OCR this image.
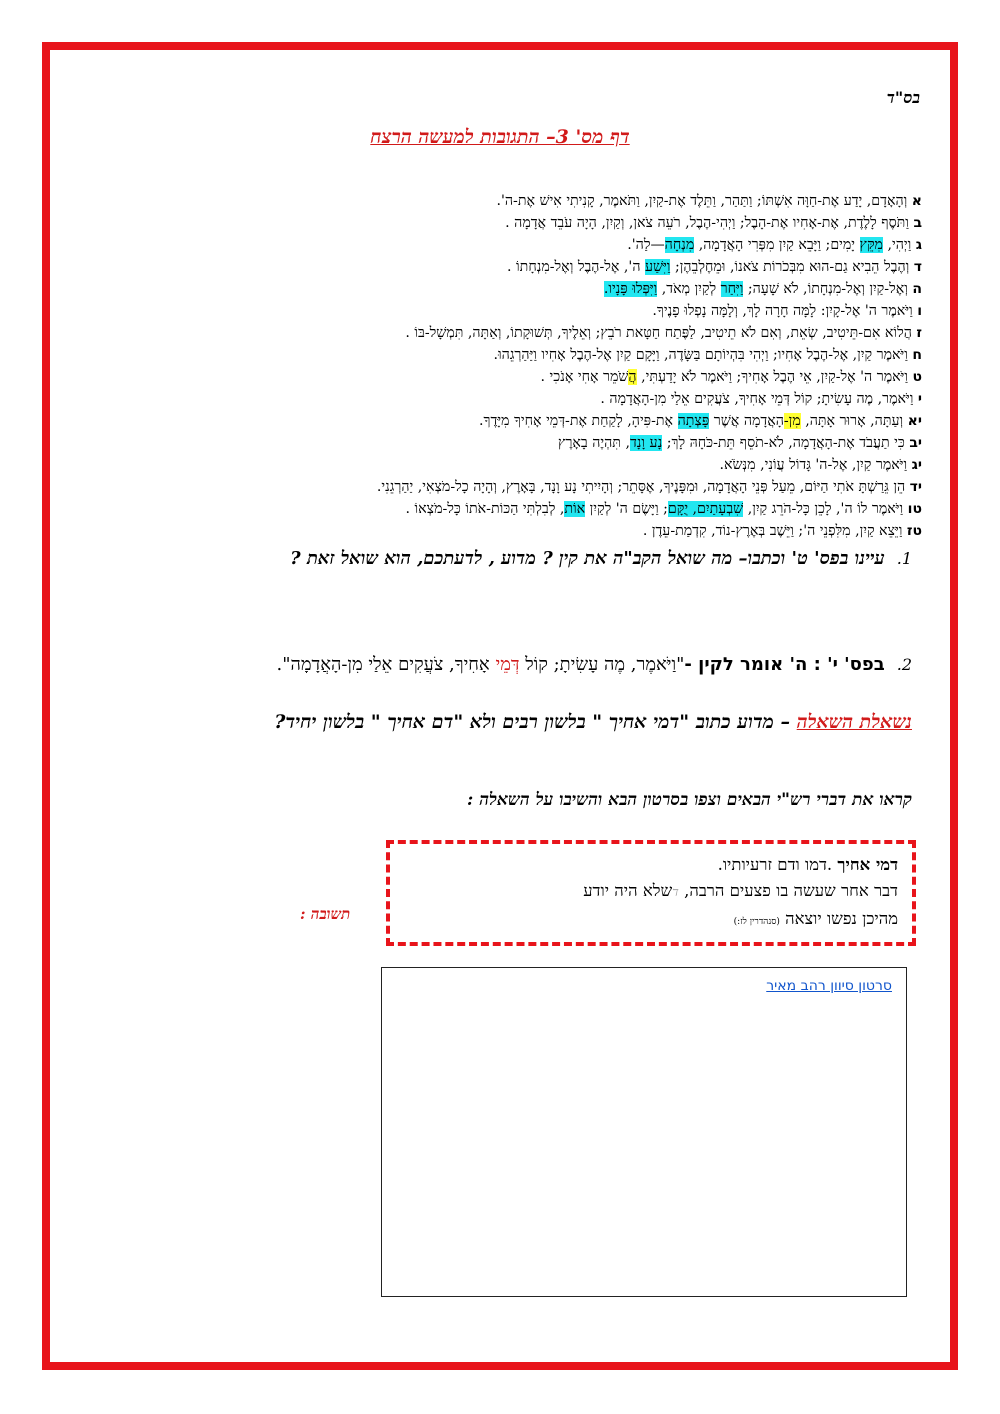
בס"ד
דף מס' 3– התגובות למעשה הרצח
א וְהָאָדָם, יָדַע אֶת-חַוָּה אִשְׁתּוֹ; וַתַּהַר, וַתֵּלֶד אֶת-קַיִן, וַתֹּאמֶר, קָנִיתִי אִישׁ אֶת-ה'.
ב וַתֹּסֶף לָלֶדֶת, אֶת-אָחִיו אֶת-הָבֶל; וַיְהִי-הֶבֶל, רֹעֵה צֹאן, וְקַיִן, הָיָה עֹבֵד אֲדָמָה .
ג וַיְהִי, מִקֵּץ יָמִים; וַיָּבֵא קַיִן מִפְּרִי הָאֲדָמָה, מִנְחָה—לַה'.
ד וְהֶבֶל הֵבִיא גַם-הוּא מִבְּכֹרוֹת צֹאנוֹ, וּמֵחֶלְבֵהֶן; וַיִּשַׁע ה', אֶל-הֶבֶל וְאֶל-מִנְחָתוֹ .
ה וְאֶל-קַיִן וְאֶל-מִנְחָתוֹ, לֹא שָׁעָה; וַיִּחַר לְקַיִן מְאֹד, וַיִּפְּלוּ פָּנָיו.
ו וַיֹּאמֶר ה' אֶל-קָיִן: לָמָּה חָרָה לָךְ, וְלָמָּה נָפְלוּ פָנֶיךָ.
ז הֲלוֹא אִם-תֵּיטִיב, שְׂאֵת, וְאִם לֹא תֵיטִיב, לַפֶּתַח חַטָּאת רֹבֵץ; וְאֵלֶיךָ, תְּשׁוּקָתוֹ, וְאַתָּה, תִּמְשָׁל-בּוֹ .
ח וַיֹּאמֶר קַיִן, אֶל-הֶבֶל אָחִיו; וַיְהִי בִּהְיוֹתָם בַּשָּׂדֶה, וַיָּקָם קַיִן אֶל-הֶבֶל אָחִיו וַיַּהַרְגֵהוּ.
ט וַיֹּאמֶר ה' אֶל-קַיִן, אֵי הֶבֶל אָחִיךָ; וַיֹּאמֶר לֹא יָדַעְתִּי, הֲשֹׁמֵר אָחִי אָנֹכִי .
י וַיֹּאמֶר, מֶה עָשִׂיתָ; קוֹל דְּמֵי אָחִיךָ, צֹעֲקִים אֵלַי מִן-הָאֲדָמָה .
יא וְעַתָּה, אָרוּר אָתָּה, מִן-הָאֲדָמָה אֲשֶׁר פָּצְתָה אֶת-פִּיהָ, לָקַחַת אֶת-דְּמֵי אָחִיךָ מִיָּדֶךָ.
יב כִּי תַעֲבֹד אֶת-הָאֲדָמָה, לֹא-תֹסֵף תֵּת-כֹּחָהּ לָךְ; נָע וָנָד, תִּהְיֶה בָאָרֶץ
יג וַיֹּאמֶר קַיִן, אֶל-ה' גָּדוֹל עֲוֹנִי, מִנְּשֹׂא.
יד הֵן גֵּרַשְׁתָּ אֹתִי הַיּוֹם, מֵעַל פְּנֵי הָאֲדָמָה, וּמִפָּנֶיךָ, אֶסָּתֵר; וְהָיִיתִי נָע וָנָד, בָּאָרֶץ, וְהָיָה כָל-מֹצְאִי, יַהַרְגֵנִי.
טו וַיֹּאמֶר לוֹ ה', לָכֵן כָּל-הֹרֵג קַיִן, שִׁבְעָתַיִם, יֻקָּם; וַיָּשֶׂם ה' לְקַיִן אוֹת, לְבִלְתִּי הַכּוֹת-אֹתוֹ כָּל-מֹצְאוֹ .
טז וַיֵּצֵא קַיִן, מִלִּפְנֵי ה'; וַיֵּשֶׁב בְּאֶרֶץ-נוֹד, קִדְמַת-עֵדֶן .
1.עיינו בפס' ט' וכתבו– מה שואל הקב"ה את קין ? מדוע , לדעתכם, הוא שואל זאת ?
2.בפס' י' : ה' אומר לקין -"וַיֹּאמֶר, מֶה עָשִׂיתָ; קוֹל דְּמֵי אָחִיךָ, צֹעֲקִים אֵלַי מִן-הָאֲדָמָה".
נשאלת השאלה – מדוע כתוב "דמי אחיך " בלשון רבים ולא "דם אחיך " בלשון יחיד?
קראו את דברי רש"י הבאים וצפו בסרטון הבא והשיבו על השאלה :
תשובה :
דמי אחיך .דמו ודם זרעיותיו.
דבר אחר שעשה בו פצעים הרבה, דשלא היה יודע
מהיכן נפשו יוצאה (סנהדרין לז:)
סרטון סיוון רהב מאיר
